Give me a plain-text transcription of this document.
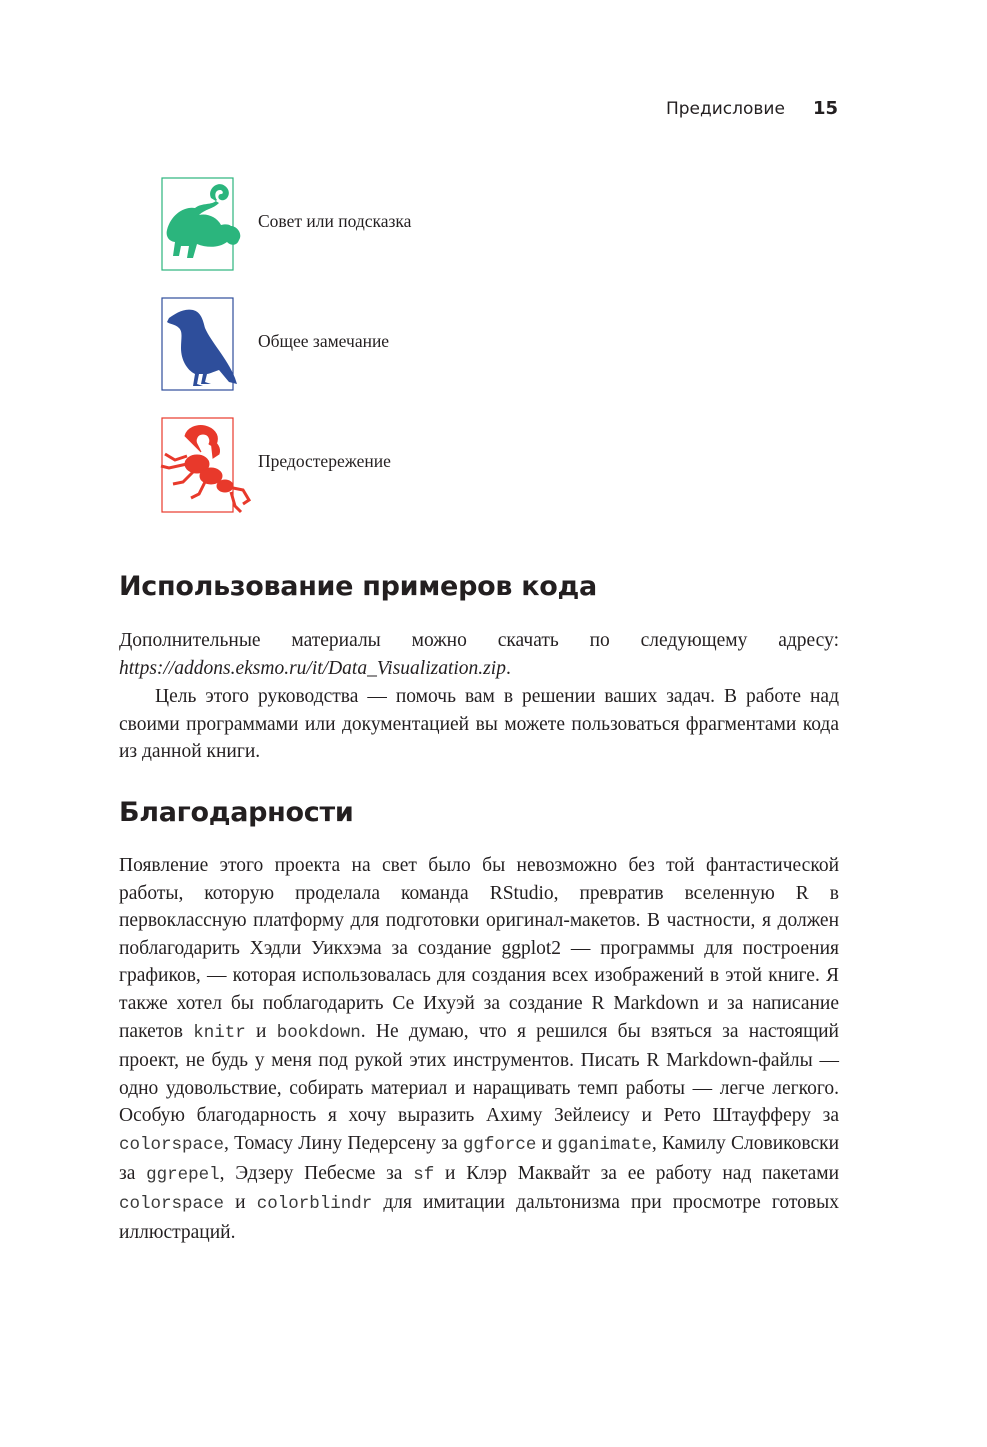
Предисловие 15
Совет или подсказка
Общее замечание
Предостережение
Использование примеров кода

Дополнительные материалы можно скачать по следующему адресу: https://addons.eksmo.ru/it/Data_Visualization.zip.

Цель этого руководства — помочь вам в решении ваших задач. В работе над своими программами или документацией вы можете пользоваться фрагментами кода из данной книги.

Благодарности

Появление этого проекта на свет было бы невозможно без той фантастической работы, которую проделала команда RStudio, превратив вселенную R в первоклассную платформу для подготовки оригинал-макетов. В частности, я должен поблагодарить Хэдли Уикхэма за создание ggplot2 — программы для построения графиков, — которая использовалась для создания всех изображений в этой книге. Я также хотел бы поблагодарить Се Ихуэй за создание R Markdown и за написание пакетов knitr и bookdown. Не думаю, что я решился бы взяться за настоящий проект, не будь у меня под рукой этих инструментов. Писать R Markdown-файлы — одно удовольствие, собирать материал и наращивать темп работы — легче легкого. Особую благодарность я хочу выразить Ахиму Зейлеису и Рето Штауфферу за colorspace, Томасу Лину Педерсену за ggforce и gganimate, Камилу Словиковски за ggrepel, Эдзеру Пебесме за sf и Клэр Маквайт за ее работу над пакетами colorspace и colorblindr для имитации дальтонизма при просмотре готовых иллюстраций.
